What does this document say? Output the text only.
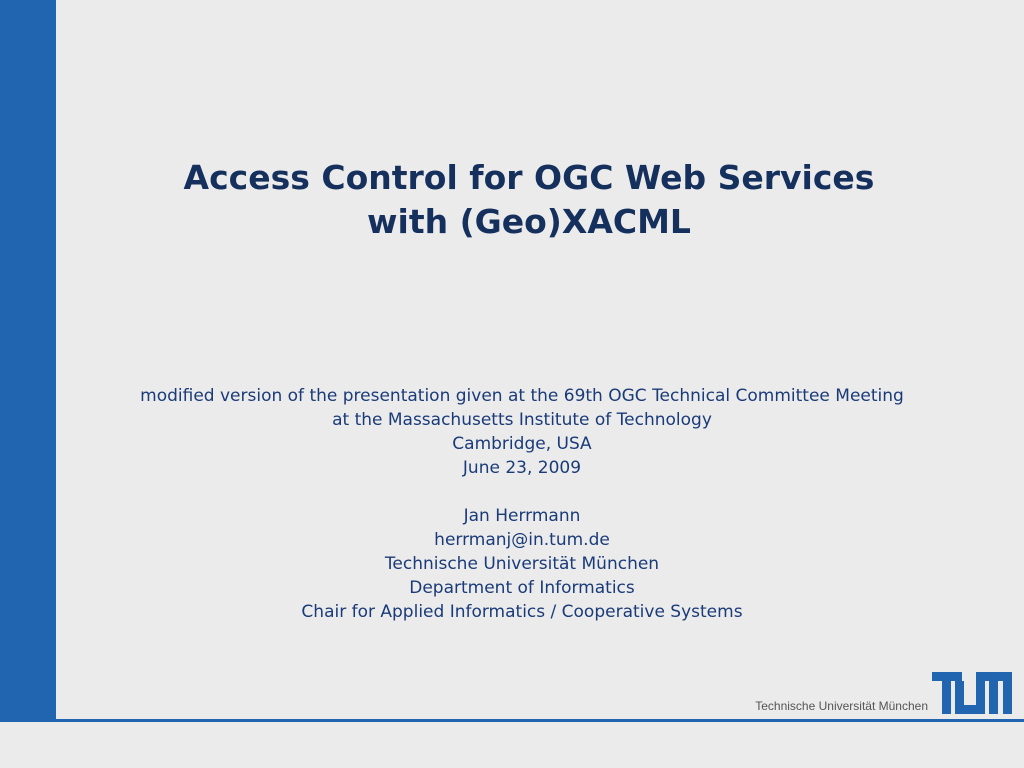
Access Control for OGC Web Services
with (Geo)XACML
modified version of the presentation given at the 69th OGC Technical Committee Meeting
at the Massachusetts Institute of Technology
Cambridge, USA
June 23, 2009
Jan Herrmann
herrmanj@in.tum.de
Technische Universität München
Department of Informatics
Chair for Applied Informatics / Cooperative Systems
Technische Universität München
